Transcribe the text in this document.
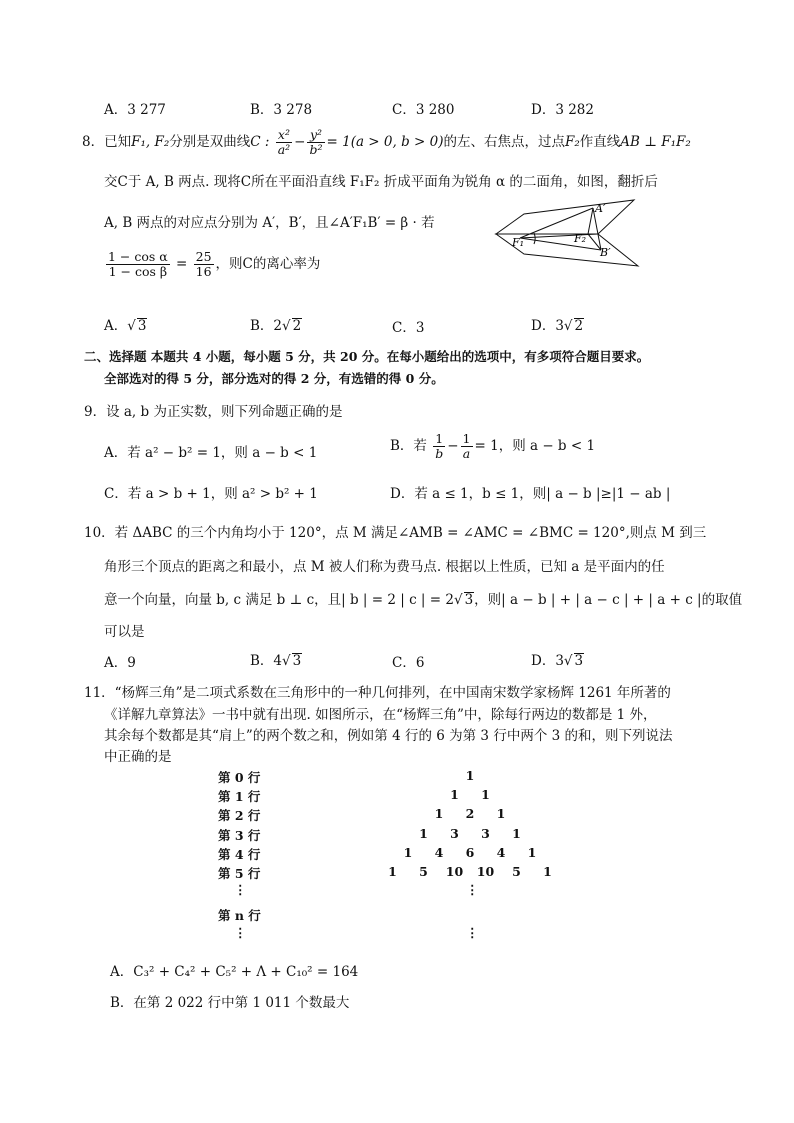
A．3 277	B．3 278	C．3 280	D．3 282
8．已知F₁, F₂分别是双曲线C : $\frac{\text{x²}}{\text{a²}} - \frac{\text{y²}}{\text{b²}} = 1(a > 0$, b > 0)的左、右焦点，过点F₂作直线AB ⊥ F₁F₂
交C于 A, B 两点. 现将C所在平面沿直线 F₁F₂ 折成平面角为锐角 α 的二面角，如图，翻折后
A, B 两点的对应点分别为 A′，B′，且∠A′F₁B′ = β · 若
$\frac{\text{1 − cos α}}{\text{1 − cos β}} = \frac{25}{16}$ ，则C的离心率为
A′
B′
F₁	F₂
A．√ 3	B．2√ 2	C．3	D．3√ 2
二、选择题 本题共 4 小题，每小题 5 分，共 20 分。在每小题给出的选项中，有多项符合题目要求。
全部选对的得 5 分，部分选对的得 2 分，有选错的得 0 分。
9．设 a, b 为正实数，则下列命题正确的是
A．若 a² − b² = 1，则 a − b < 1	B．若 $\frac{1}{b} - \frac{1}{a} = 1$，则 a − b < 1
C．若 a > b + 1，则 a² > b² + 1	D．若 a ≤ 1，b ≤ 1，则| a − b |≥|1 − ab |
10．若 ΔABC 的三个内角均小于 120°，点 M 满足∠AMB = ∠AMC = ∠BMC = 120°,则点 M 到三
角形三个顶点的距离之和最小，点 M 被人们称为费马点. 根据以上性质，已知 a 是平面内的任
意一个向量，向量 b, c 满足 b ⊥ c，且| b | = 2 | c | = 2√ 3，则| a − b | + | a − c | + | a + c |的取值
可以是
A．9	B．4√ 3	C．6	D．3√ 3
11．“杨辉三角”是二项式系数在三角形中的一种几何排列，在中国南宋数学家杨辉 1261 年所著的
《详解九章算法》一书中就有出现. 如图所示，在“杨辉三角”中，除每行两边的数都是 1 外，
其余每个数都是其“肩上”的两个数之和，例如第 4 行的 6 为第 3 行中两个 3 的和，则下列说法
中正确的是
第 0 行	1
第 1 行	1	1
第 2 行	1	2	1
第 3 行	1	3	3	1
第 4 行	1	4	6	4	1
第 5 行	1	5	10 10	5	1
第 n 行
⋮
⋮
⋮
⋮
A．C₃² + C₄² + C₅² + Λ + C₁₀² = 164
B．在第 2 022 行中第 1 011 个数最大
